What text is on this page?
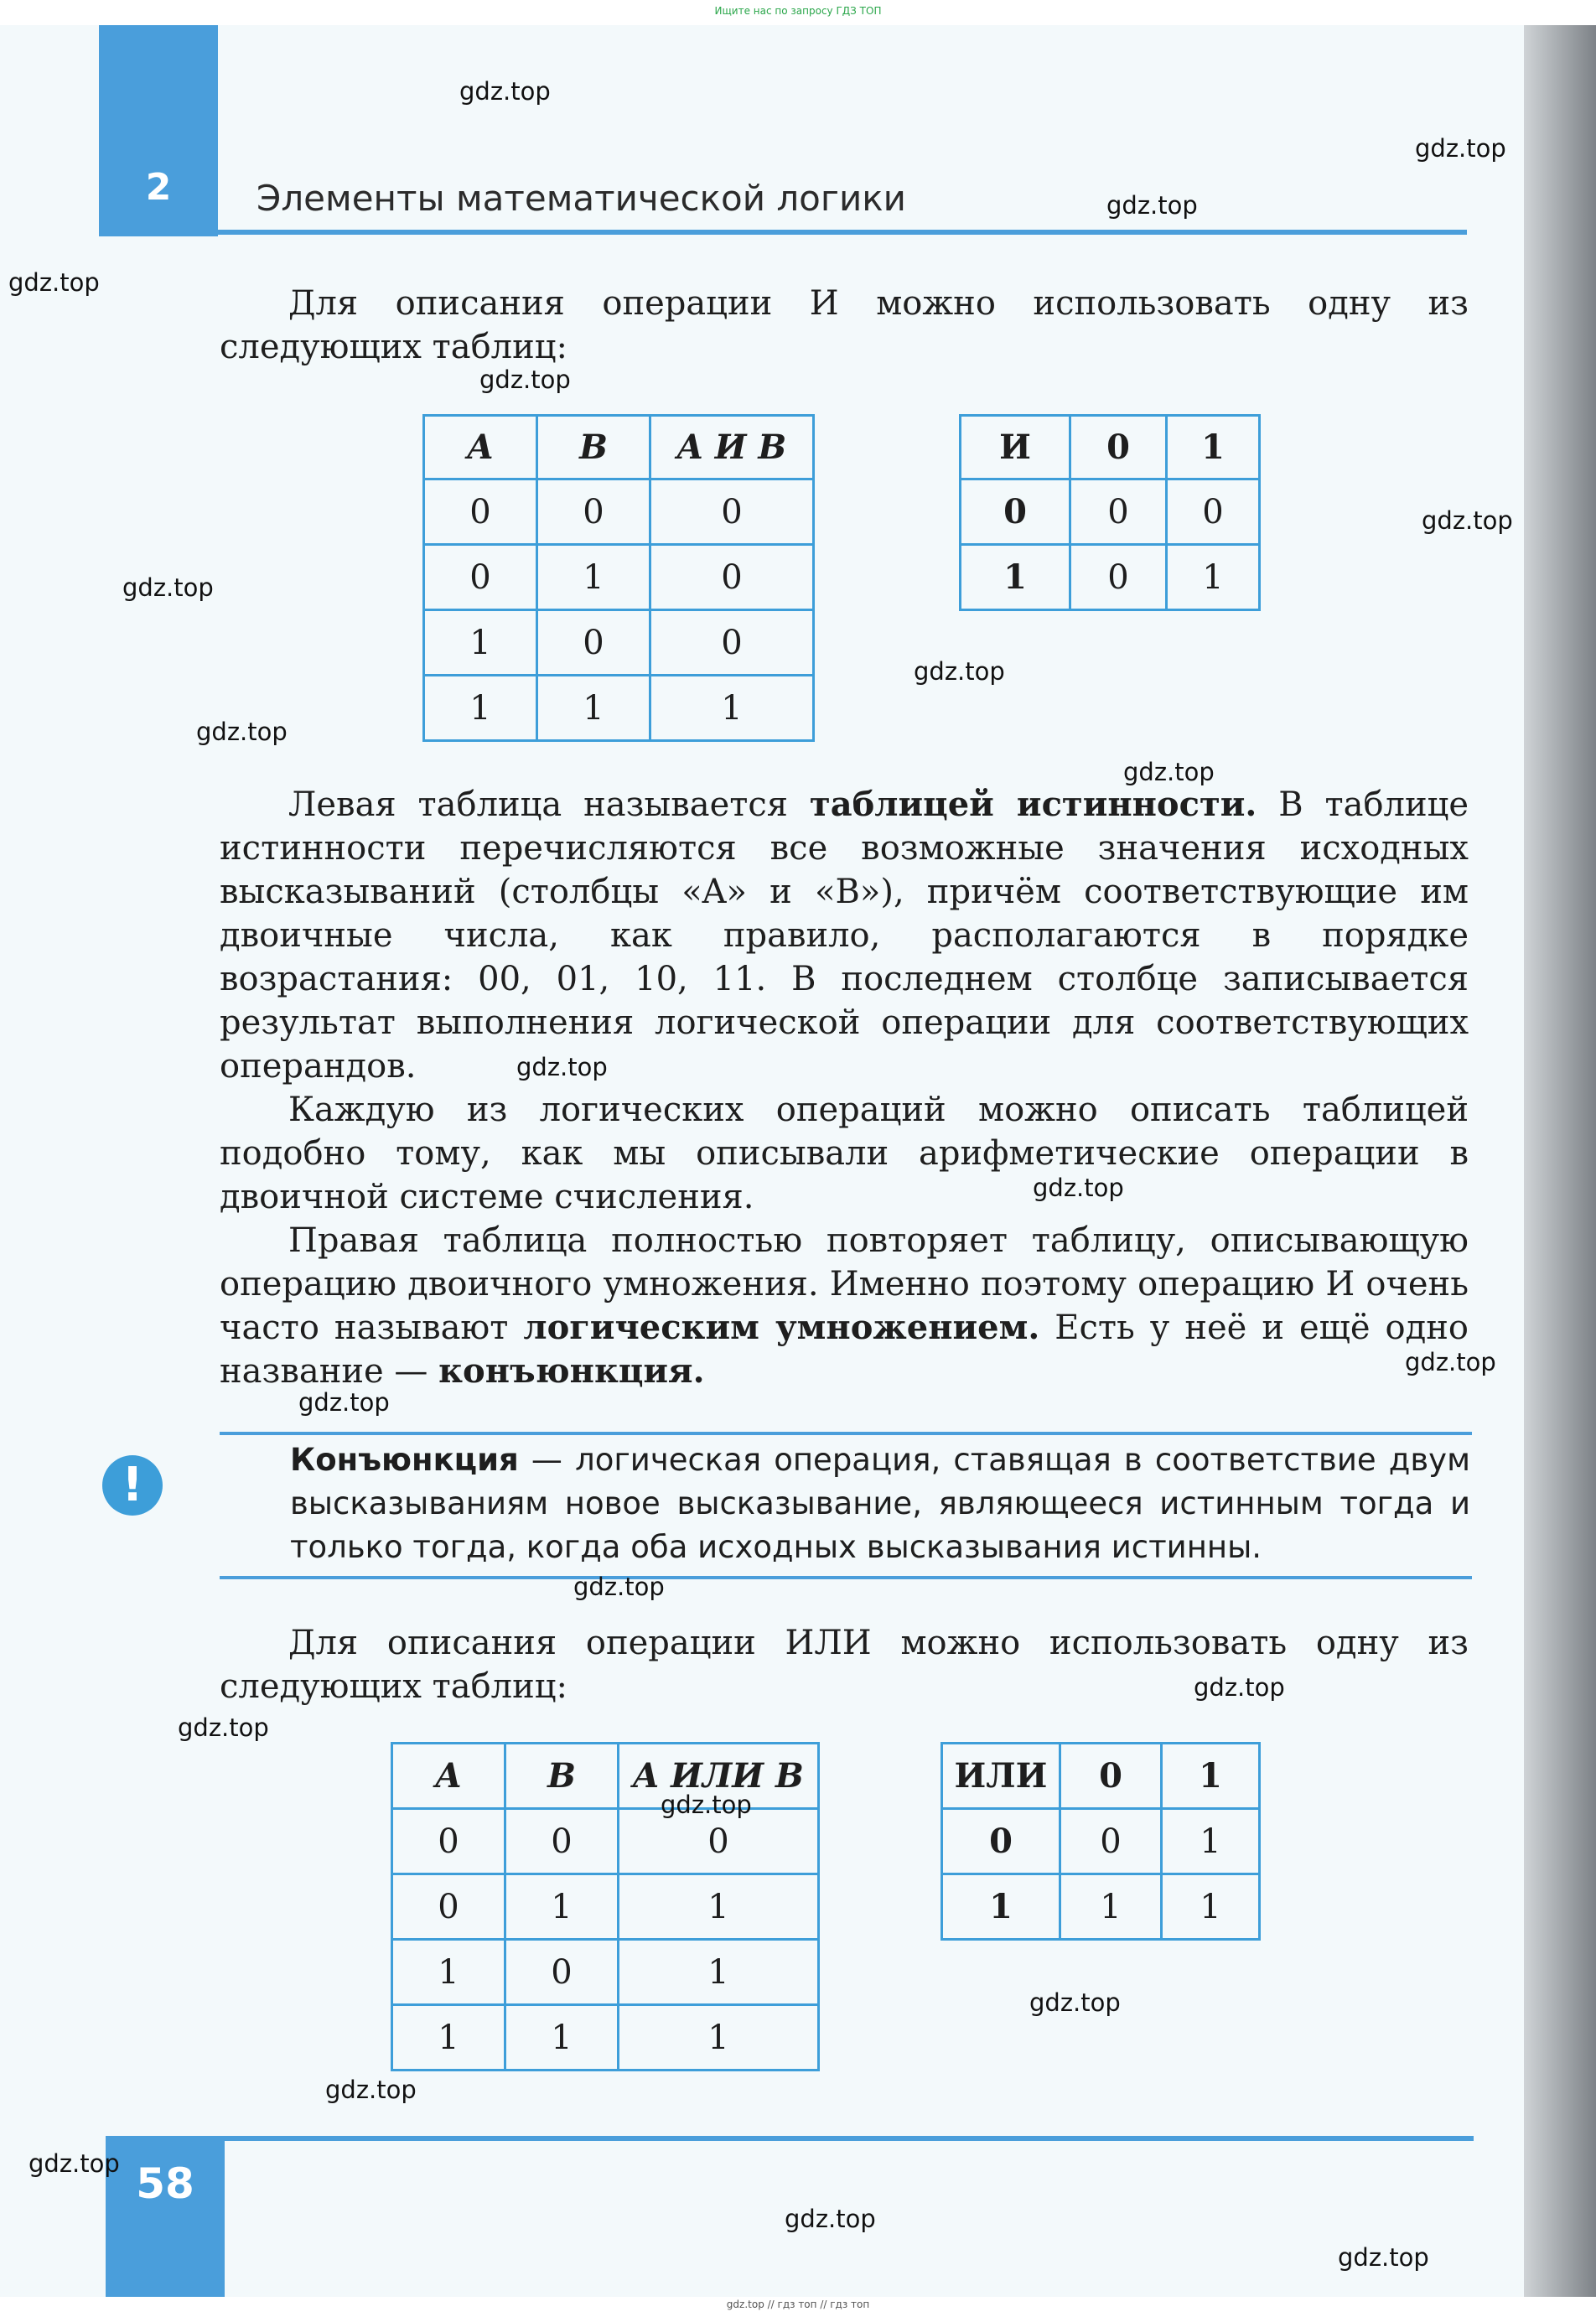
Ищите нас по запросу ГДЗ ТОП
2	Элементы математической логики
Для описания операции И можно использовать одну из следующих таблиц:
A	B	A И B
0	0	0
0	1	0
1	0	0
1	1	1
И	0	1
0	0	0
1	0	1
Левая таблица называется таблицей истинности. В таблице истинности перечисляются все возможные значения исходных высказываний (столбцы «A» и «B»), причём соответствующие им двоичные числа, как правило, располагаются в порядке возрастания: 00, 01, 10, 11. В последнем столбце записывается результат выполнения логической операции для соответствующих операндов.
Каждую из логических операций можно описать таблицей подобно тому, как мы описывали арифметические операции в двоичной системе счисления.
Правая таблица полностью повторяет таблицу, описывающую операцию двоичного умножения. Именно поэтому операцию И очень часто называют логическим умножением. Есть у неё и ещё одно название — конъюнкция.
!	Конъюнкция — логическая операция, ставящая в соответствие двум высказываниям новое высказывание, являющееся истинным тогда и только тогда, когда оба исходных высказывания истинны.
Для описания операции ИЛИ можно использовать одну из следующих таблиц:
A	B	A ИЛИ B
0	0	0
0	1	1
1	0	1
1	1	1
ИЛИ	0	1
0	0	1
1	1	1
58
gdz.top // гдз топ // гдз топ
gdz.top
gdz.top
gdz.top
gdz.top
gdz.top
gdz.top
gdz.top
gdz.top
gdz.top
gdz.top
gdz.top
gdz.top
gdz.top
gdz.top
gdz.top
gdz.top
gdz.top
gdz.top
gdz.top
gdz.top
gdz.top
gdz.top
gdz.top
